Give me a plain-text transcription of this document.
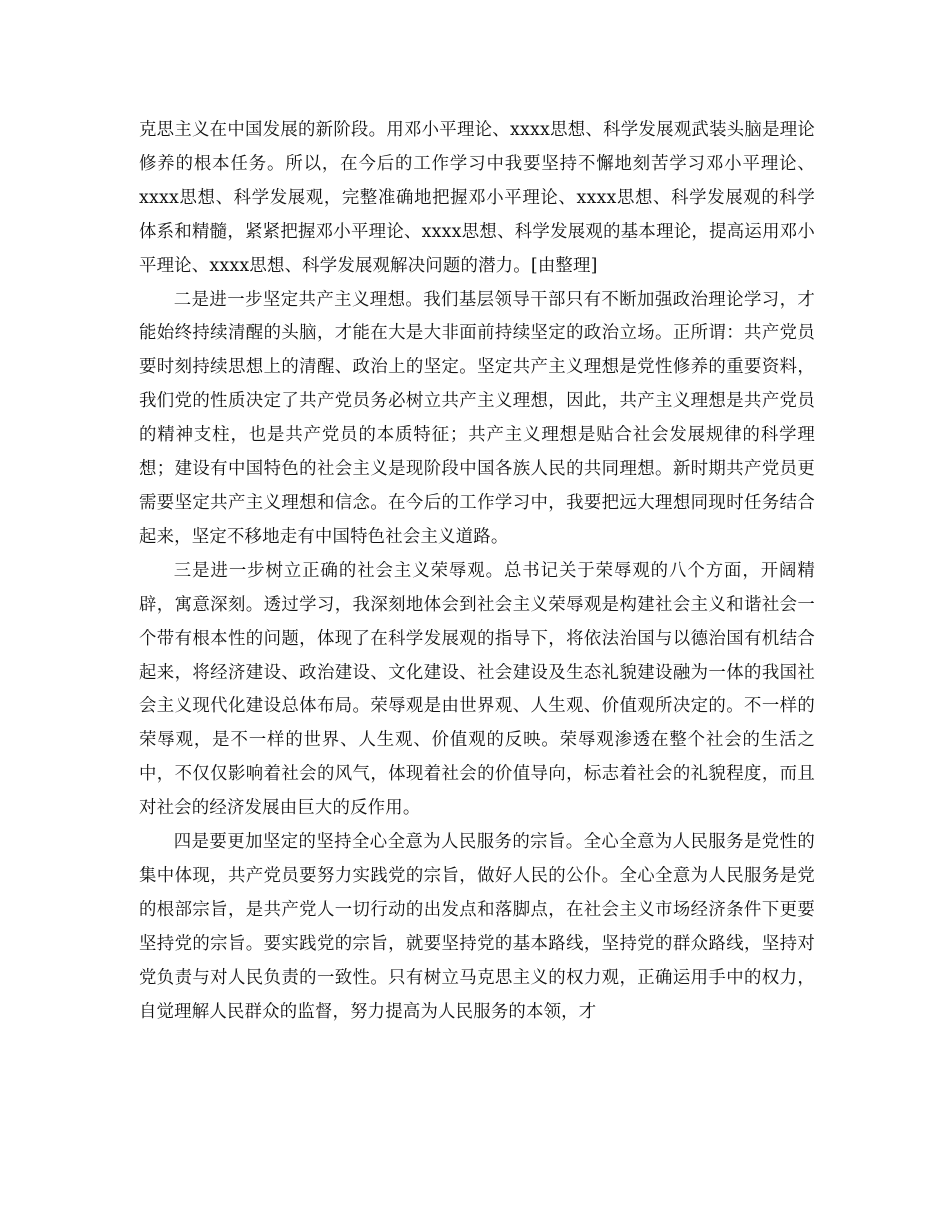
克思主义在中国发展的新阶段。用邓小平理论、xxxx思想、科学发展观武装头脑是理论修养的根本任务。所以，在今后的工作学习中我要坚持不懈地刻苦学习邓小平理论、xxxx思想、科学发展观，完整准确地把握邓小平理论、xxxx思想、科学发展观的科学体系和精髓，紧紧把握邓小平理论、xxxx思想、科学发展观的基本理论，提高运用邓小平理论、xxxx思想、科学发展观解决问题的潜力。[由整理]

二是进一步坚定共产主义理想。我们基层领导干部只有不断加强政治理论学习，才能始终持续清醒的头脑，才能在大是大非面前持续坚定的政治立场。正所谓：共产党员要时刻持续思想上的清醒、政治上的坚定。坚定共产主义理想是党性修养的重要资料，我们党的性质决定了共产党员务必树立共产主义理想，因此，共产主义理想是共产党员的精神支柱，也是共产党员的本质特征；共产主义理想是贴合社会发展规律的科学理想；建设有中国特色的社会主义是现阶段中国各族人民的共同理想。新时期共产党员更需要坚定共产主义理想和信念。在今后的工作学习中，我要把远大理想同现时任务结合起来，坚定不移地走有中国特色社会主义道路。

三是进一步树立正确的社会主义荣辱观。总书记关于荣辱观的八个方面，开阔精辟，寓意深刻。透过学习，我深刻地体会到社会主义荣辱观是构建社会主义和谐社会一个带有根本性的问题，体现了在科学发展观的指导下，将依法治国与以德治国有机结合起来，将经济建设、政治建设、文化建设、社会建设及生态礼貌建设融为一体的我国社会主义现代化建设总体布局。荣辱观是由世界观、人生观、价值观所决定的。不一样的荣辱观，是不一样的世界、人生观、价值观的反映。荣辱观渗透在整个社会的生活之中，不仅仅影响着社会的风气，体现着社会的价值导向，标志着社会的礼貌程度，而且对社会的经济发展由巨大的反作用。

四是要更加坚定的坚持全心全意为人民服务的宗旨。全心全意为人民服务是党性的集中体现，共产党员要努力实践党的宗旨，做好人民的公仆。全心全意为人民服务是党的根部宗旨，是共产党人一切行动的出发点和落脚点，在社会主义市场经济条件下更要坚持党的宗旨。要实践党的宗旨，就要坚持党的基本路线，坚持党的群众路线，坚持对党负责与对人民负责的一致性。只有树立马克思主义的权力观，正确运用手中的权力，自觉理解人民群众的监督，努力提高为人民服务的本领，才
